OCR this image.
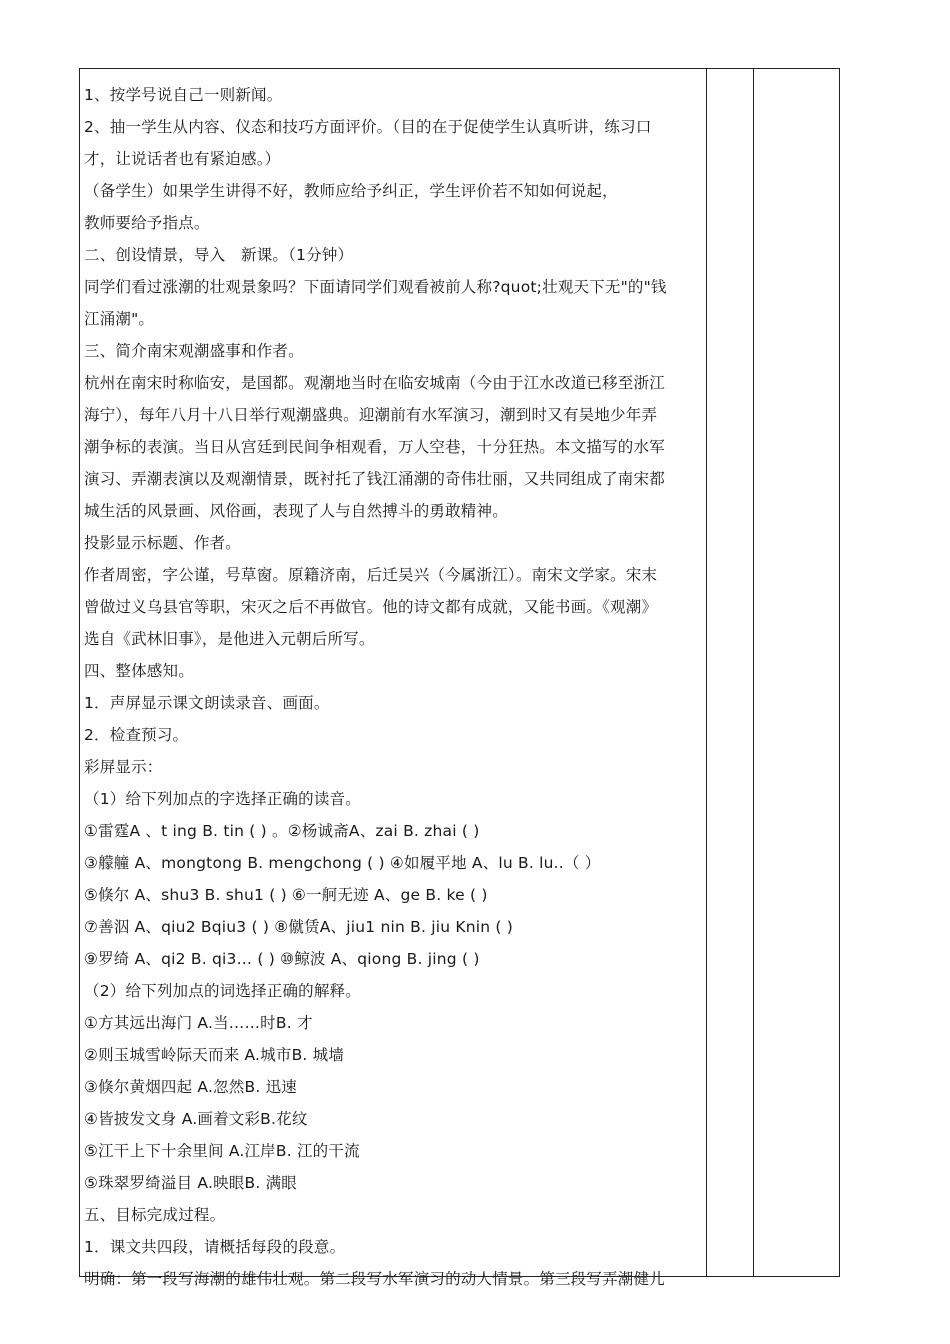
1、按学号说自己一则新闻。
2、抽一学生从内容、仪态和技巧方面评价。（目的在于促使学生认真听讲，练习口
才，让说话者也有紧迫感。）
（备学生）如果学生讲得不好，教师应给予纠正，学生评价若不知如何说起，
教师要给予指点。
二、创设情景，导入　新课。（1分钟）
同学们看过涨潮的壮观景象吗？下面请同学们观看被前人称?quot;壮观天下无"的"钱
江涌潮"。
三、简介南宋观潮盛事和作者。
杭州在南宋时称临安，是国都。观潮地当时在临安城南（今由于江水改道已移至浙江
海宁），每年八月十八日举行观潮盛典。迎潮前有水军演习，潮到时又有吴地少年弄
潮争标的表演。当日从宫廷到民间争相观看，万人空巷，十分狂热。本文描写的水军
演习、弄潮表演以及观潮情景，既衬托了钱江涌潮的奇伟壮丽，又共同组成了南宋都
城生活的风景画、风俗画，表现了人与自然搏斗的勇敢精神。
投影显示标题、作者。
作者周密，字公谨，号草窗。原籍济南，后迁吴兴（今属浙江）。南宋文学家。宋末
曾做过义乌县官等职，宋灭之后不再做官。他的诗文都有成就，又能书画。《观潮》
选自《武林旧事》，是他进入元朝后所写。
四、整体感知。
1．声屏显示课文朗读录音、画面。
2．检查预习。
彩屏显示：
（1）给下列加点的字选择正确的读音。
①雷霆A 、t ing B. tin ( ) 。②杨诚斋A、zai B. zhai ( )
③艨艟 A、mongtong B. mengchong ( ) ④如履平地 A、lu B. lu..（ ）
⑤倏尔 A、shu3 B. shu1 ( ) ⑥一舸无迹 A、ge B. ke ( )
⑦善泅 A、qiu2 Bqiu3 ( ) ⑧僦赁A、jiu1 nin B. jiu Knin ( )
⑨罗绮 A、qi2 B. qi3… ( ) ⑩鲸波 A、qiong B. jing ( )
（2）给下列加点的词选择正确的解释。
①方其远出海门 A.当……时B. 才
②则玉城雪岭际天而来 A.城市B. 城墙
③倏尔黄烟四起 A.忽然B. 迅速
④皆披发文身 A.画着文彩B.花纹
⑤江干上下十余里间 A.江岸B. 江的干流
⑤珠翠罗绮溢目 A.映眼B. 满眼
五、目标完成过程。
1．课文共四段，请概括每段的段意。
明确：第一段写海潮的雄伟壮观。第二段写水军演习的动人情景。第三段写弄潮健儿
